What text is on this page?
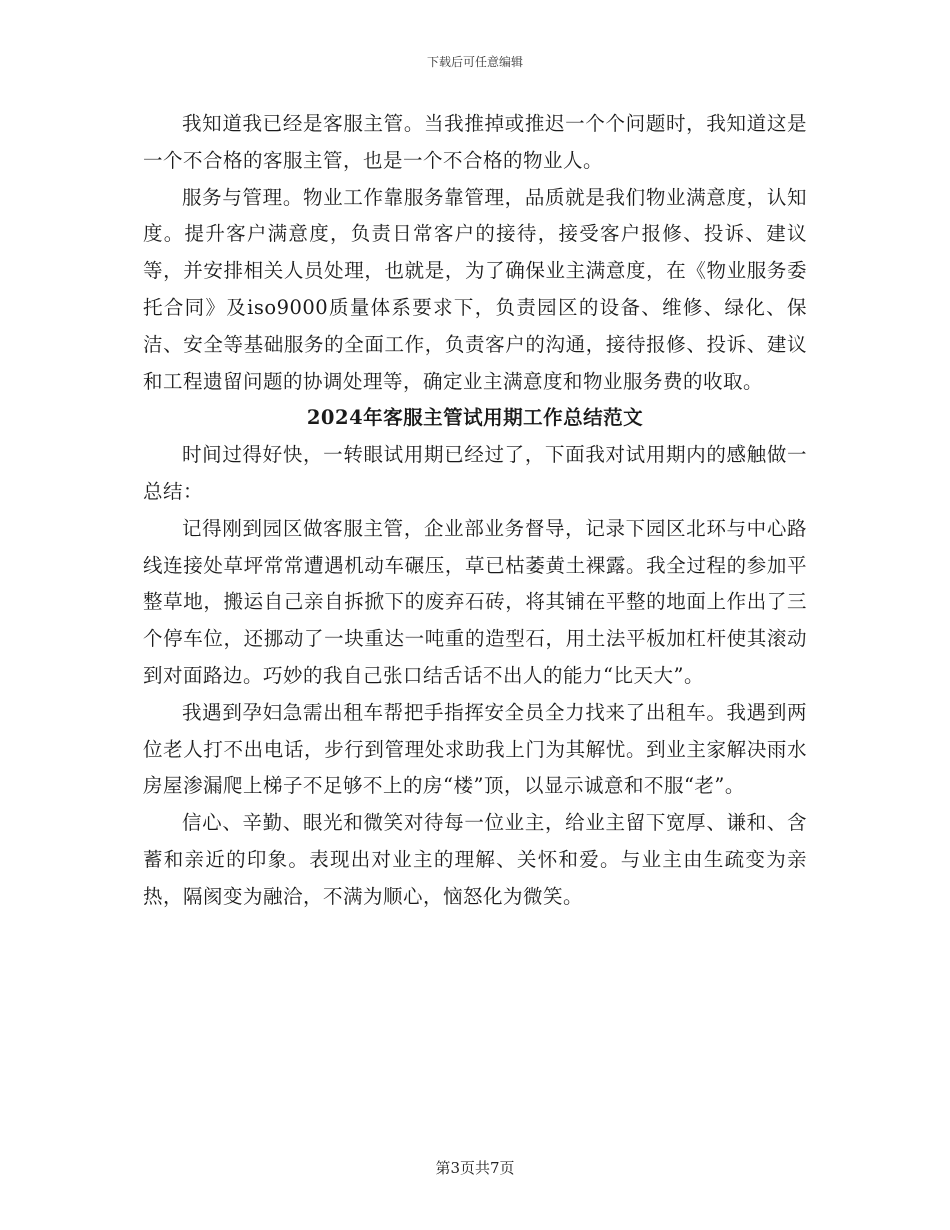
下载后可任意编辑

我知道我已经是客服主管。当我推掉或推迟一个个问题时，我知道这是一个不合格的客服主管，也是一个不合格的物业人。

服务与管理。物业工作靠服务靠管理，品质就是我们物业满意度，认知度。提升客户满意度，负责日常客户的接待，接受客户报修、投诉、建议等，并安排相关人员处理，也就是，为了确保业主满意度，在《物业服务委托合同》及iso9000质量体系要求下，负责园区的设备、维修、绿化、保洁、安全等基础服务的全面工作，负责客户的沟通，接待报修、投诉、建议和工程遗留问题的协调处理等，确定业主满意度和物业服务费的收取。

2024年客服主管试用期工作总结范文

时间过得好快，一转眼试用期已经过了，下面我对试用期内的感触做一总结：

记得刚到园区做客服主管，企业部业务督导，记录下园区北环与中心路线连接处草坪常常遭遇机动车碾压，草已枯萎黄土裸露。我全过程的参加平整草地，搬运自己亲自拆掀下的废弃石砖，将其铺在平整的地面上作出了三个停车位，还挪动了一块重达一吨重的造型石，用土法平板加杠杆使其滚动到对面路边。巧妙的我自己张口结舌话不出人的能力“比天大”。

我遇到孕妇急需出租车帮把手指挥安全员全力找来了出租车。我遇到两位老人打不出电话，步行到管理处求助我上门为其解忧。到业主家解决雨水房屋渗漏爬上梯子不足够不上的房“楼”顶，以显示诚意和不服“老”。

信心、辛勤、眼光和微笑对待每一位业主，给业主留下宽厚、谦和、含蓄和亲近的印象。表现出对业主的理解、关怀和爱。与业主由生疏变为亲热，隔阂变为融洽，不满为顺心，恼怒化为微笑。

第3页共7页
